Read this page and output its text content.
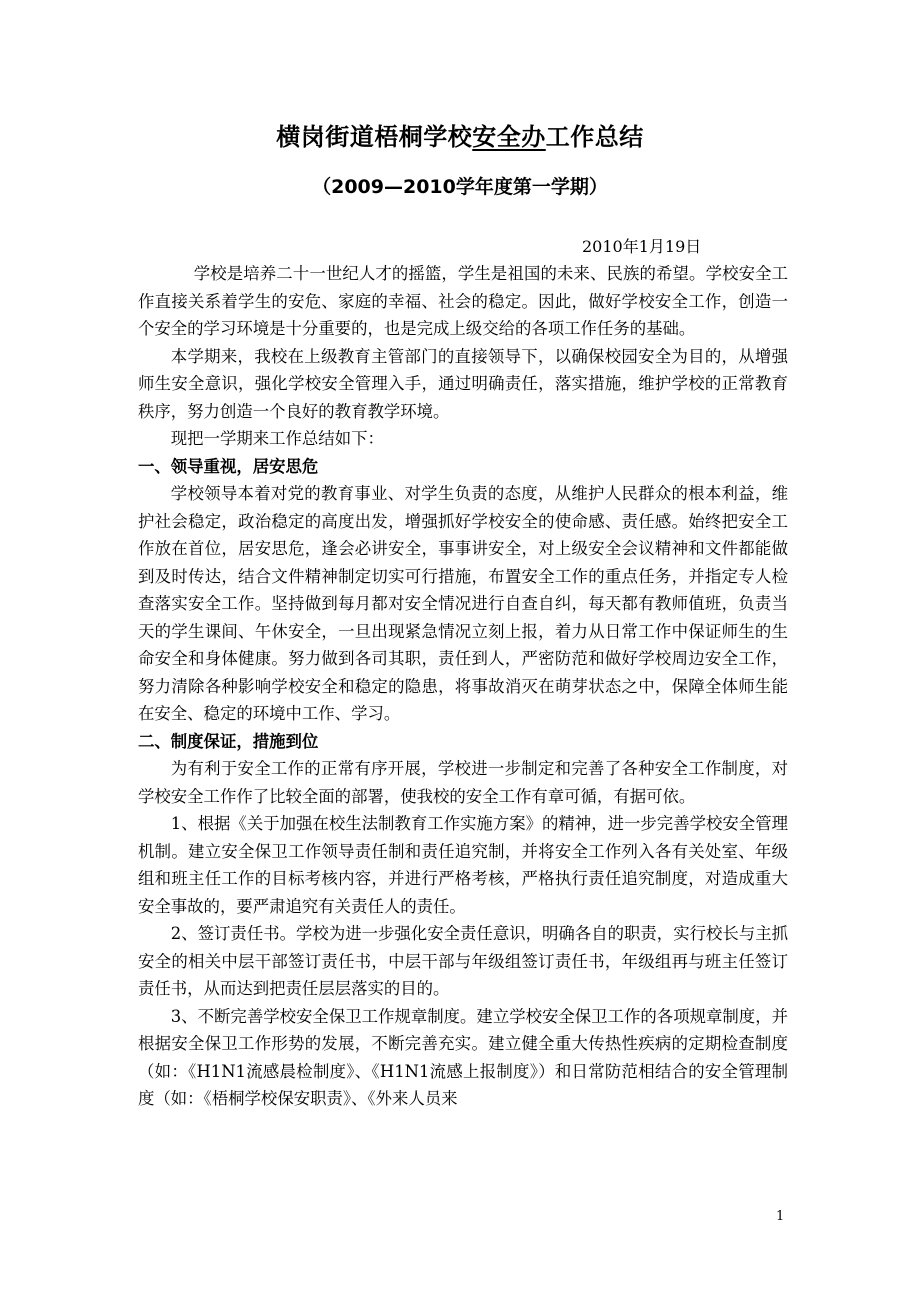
横岗街道梧桐学校安全办工作总结
（2009—2010学年度第一学期）
2010年1月19日

学校是培养二十一世纪人才的摇篮，学生是祖国的未来、民族的希望。学校安全工作直接关系着学生的安危、家庭的幸福、社会的稳定。因此，做好学校安全工作，创造一个安全的学习环境是十分重要的，也是完成上级交给的各项工作任务的基础。

本学期来，我校在上级教育主管部门的直接领导下，以确保校园安全为目的，从增强师生安全意识，强化学校安全管理入手，通过明确责任，落实措施，维护学校的正常教育秩序，努力创造一个良好的教育教学环境。

现把一学期来工作总结如下：

一、领导重视，居安思危

学校领导本着对党的教育事业、对学生负责的态度，从维护人民群众的根本利益，维护社会稳定，政治稳定的高度出发，增强抓好学校安全的使命感、责任感。始终把安全工作放在首位，居安思危，逢会必讲安全，事事讲安全，对上级安全会议精神和文件都能做到及时传达，结合文件精神制定切实可行措施，布置安全工作的重点任务，并指定专人检查落实安全工作。坚持做到每月都对安全情况进行自查自纠，每天都有教师值班，负责当天的学生课间、午休安全，一旦出现紧急情况立刻上报，着力从日常工作中保证师生的生命安全和身体健康。努力做到各司其职，责任到人，严密防范和做好学校周边安全工作，努力清除各种影响学校安全和稳定的隐患，将事故消灭在萌芽状态之中，保障全体师生能在安全、稳定的环境中工作、学习。

二、制度保证，措施到位

为有利于安全工作的正常有序开展，学校进一步制定和完善了各种安全工作制度，对学校安全工作作了比较全面的部署，使我校的安全工作有章可循，有据可依。

1、根据《关于加强在校生法制教育工作实施方案》的精神，进一步完善学校安全管理机制。建立安全保卫工作领导责任制和责任追究制，并将安全工作列入各有关处室、年级组和班主任工作的目标考核内容，并进行严格考核，严格执行责任追究制度，对造成重大安全事故的，要严肃追究有关责任人的责任。

2、签订责任书。学校为进一步强化安全责任意识，明确各自的职责，实行校长与主抓安全的相关中层干部签订责任书，中层干部与年级组签订责任书，年级组再与班主任签订责任书，从而达到把责任层层落实的目的。

3、不断完善学校安全保卫工作规章制度。建立学校安全保卫工作的各项规章制度，并根据安全保卫工作形势的发展，不断完善充实。建立健全重大传热性疾病的定期检查制度（如：《H1N1流感晨检制度》、《H1N1流感上报制度》）和日常防范相结合的安全管理制度（如：《梧桐学校保安职责》、《外来人员来

1
